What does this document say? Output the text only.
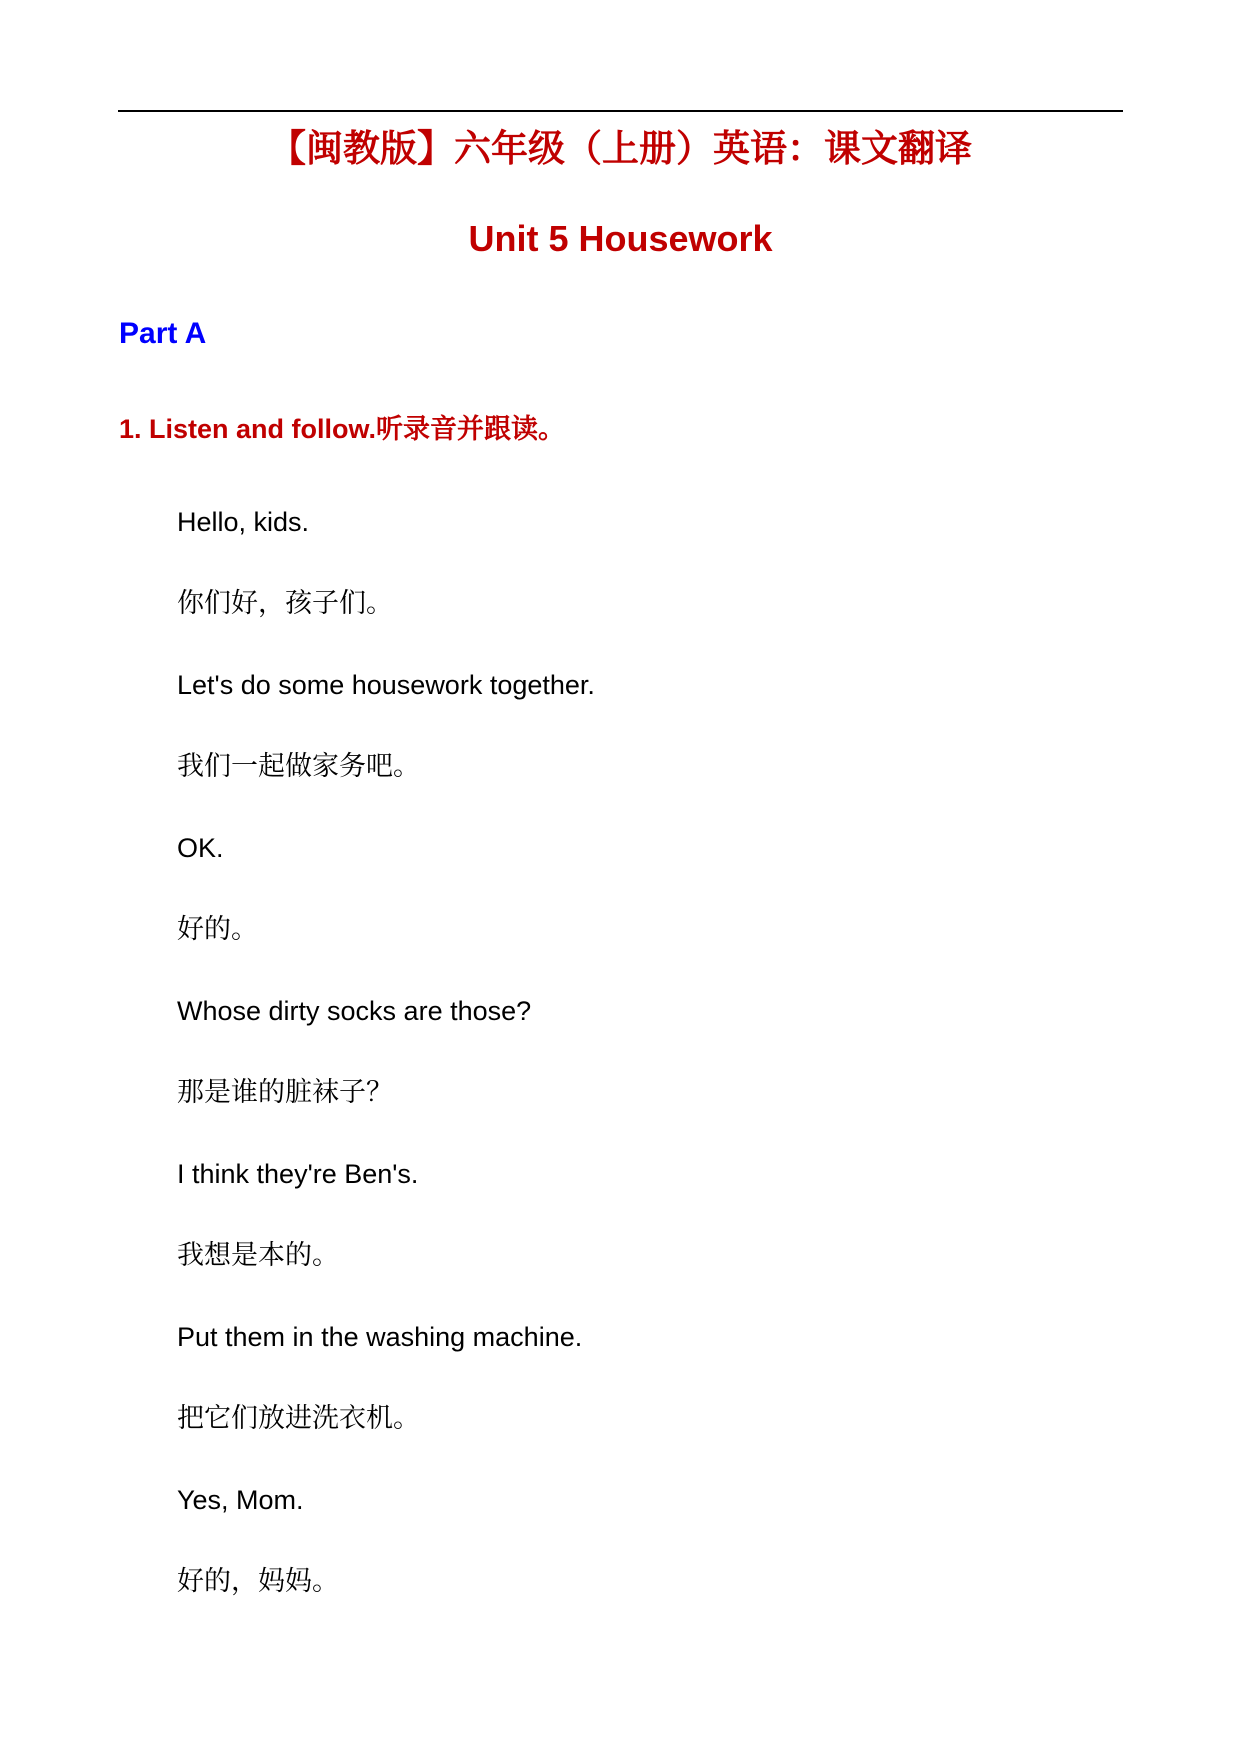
【闽教版】六年级（上册）英语：课文翻译
Unit 5 Housework
Part A
1. Listen and follow.听录音并跟读。
Hello, kids.
你们好，孩子们。
Let's do some housework together.
我们一起做家务吧。
OK.
好的。
Whose dirty socks are those?
那是谁的脏袜子？
I think they're Ben's.
我想是本的。
Put them in the washing machine.
把它们放进洗衣机。
Yes, Mom.
好的，妈妈。
